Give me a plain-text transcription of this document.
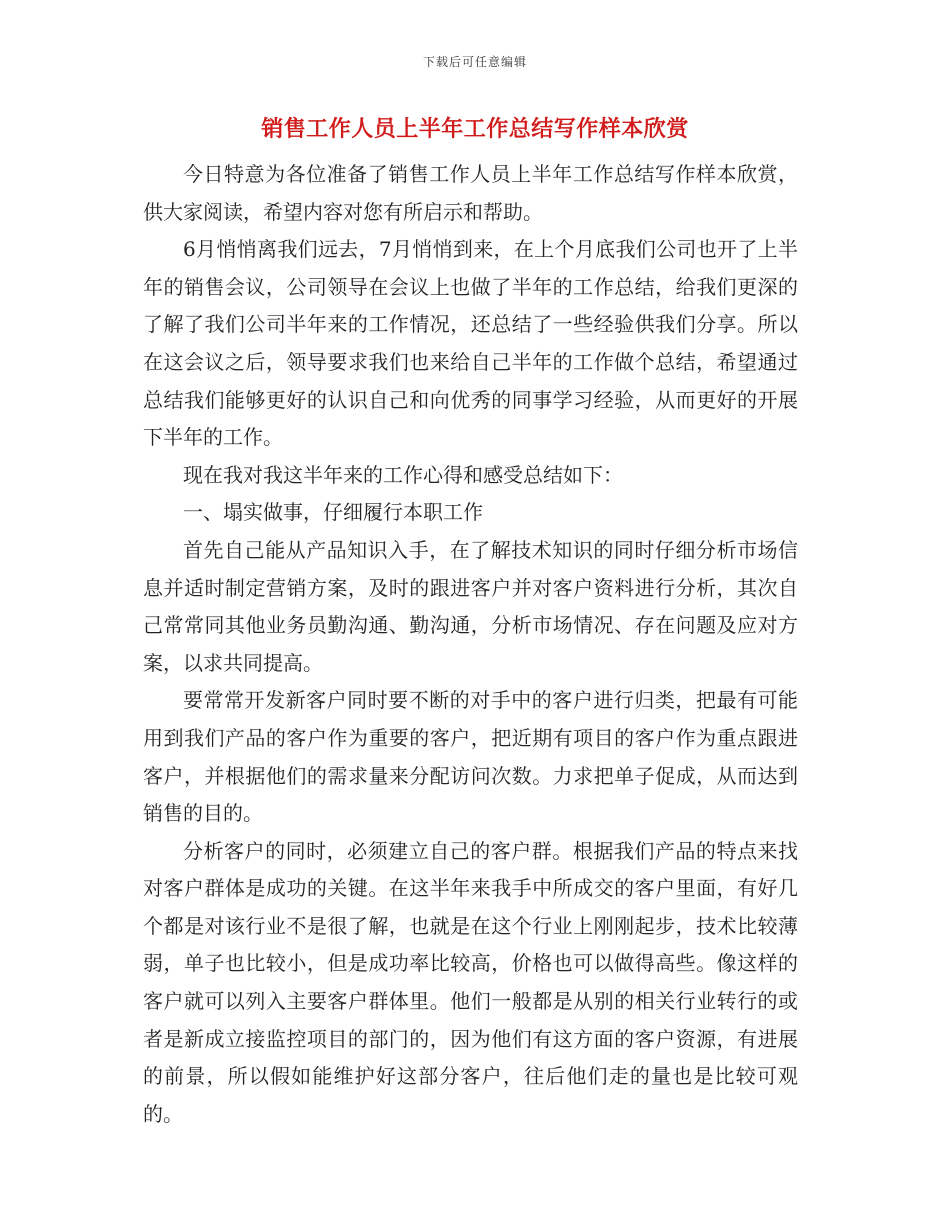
下载后可任意编辑
销售工作人员上半年工作总结写作样本欣赏

今日特意为各位准备了销售工作人员上半年工作总结写作样本欣赏，供大家阅读，希望内容对您有所启示和帮助。

6月悄悄离我们远去，7月悄悄到来，在上个月底我们公司也开了上半年的销售会议，公司领导在会议上也做了半年的工作总结，给我们更深的了解了我们公司半年来的工作情况，还总结了一些经验供我们分享。所以在这会议之后，领导要求我们也来给自己半年的工作做个总结，希望通过总结我们能够更好的认识自己和向优秀的同事学习经验，从而更好的开展下半年的工作。

现在我对我这半年来的工作心得和感受总结如下：

一、塌实做事，仔细履行本职工作

首先自己能从产品知识入手，在了解技术知识的同时仔细分析市场信息并适时制定营销方案，及时的跟进客户并对客户资料进行分析，其次自己常常同其他业务员勤沟通、勤沟通，分析市场情况、存在问题及应对方案，以求共同提高。

要常常开发新客户同时要不断的对手中的客户进行归类，把最有可能用到我们产品的客户作为重要的客户，把近期有项目的客户作为重点跟进客户，并根据他们的需求量来分配访问次数。力求把单子促成，从而达到销售的目的。

分析客户的同时，必须建立自己的客户群。根据我们产品的特点来找对客户群体是成功的关键。在这半年来我手中所成交的客户里面，有好几个都是对该行业不是很了解，也就是在这个行业上刚刚起步，技术比较薄弱，单子也比较小，但是成功率比较高，价格也可以做得高些。像这样的客户就可以列入主要客户群体里。他们一般都是从别的相关行业转行的或者是新成立接监控项目的部门的，因为他们有这方面的客户资源，有进展的前景，所以假如能维护好这部分客户，往后他们走的量也是比较可观的。
